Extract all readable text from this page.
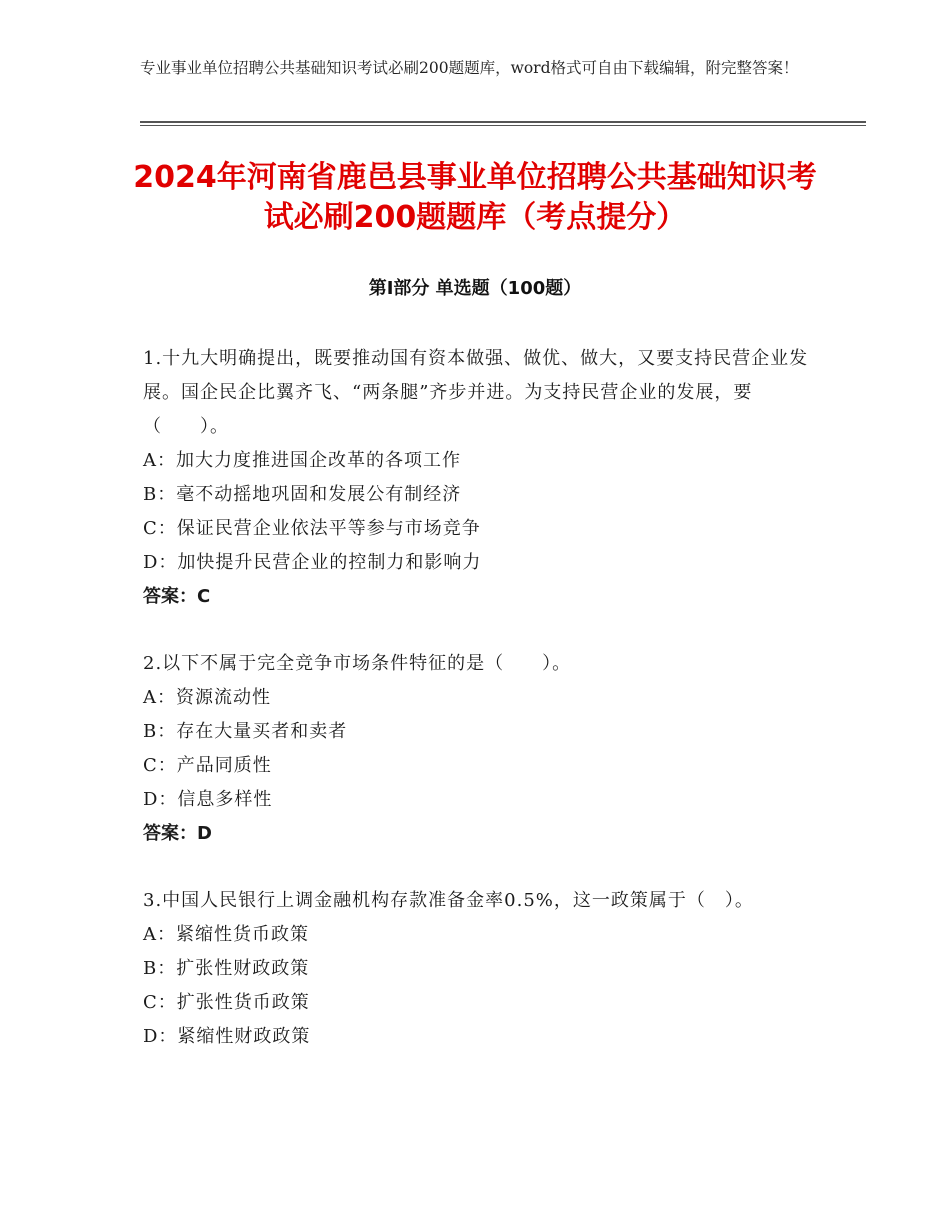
专业事业单位招聘公共基础知识考试必刷200题题库，word格式可自由下载编辑，附完整答案！
2024年河南省鹿邑县事业单位招聘公共基础知识考试必刷200题题库（考点提分）
第Ⅰ部分 单选题（100题）
1.十九大明确提出，既要推动国有资本做强、做优、做大，又要支持民营企业发展。国企民企比翼齐飞、“两条腿”齐步并进。为支持民营企业的发展，要（　　）。
A：加大力度推进国企改革的各项工作
B：毫不动摇地巩固和发展公有制经济
C：保证民营企业依法平等参与市场竞争
D：加快提升民营企业的控制力和影响力
答案：C
2.以下不属于完全竞争市场条件特征的是（　　）。
A：资源流动性
B：存在大量买者和卖者
C：产品同质性
D：信息多样性
答案：D
3.中国人民银行上调金融机构存款准备金率0.5%，这一政策属于（　）。
A：紧缩性货币政策
B：扩张性财政政策
C：扩张性货币政策
D：紧缩性财政政策
